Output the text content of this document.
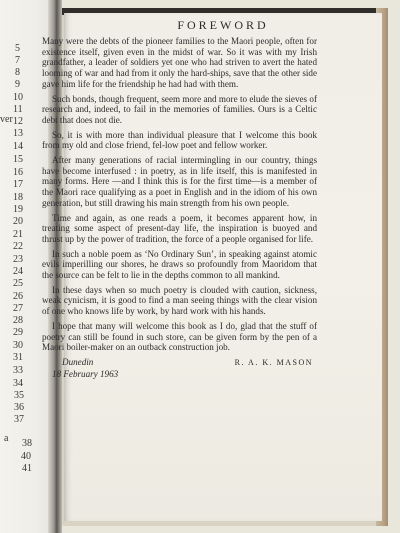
5
7
8
9
10
11
12
13
14
15
16
17
18
19
20
21
22
23
24
25
26
27
28
29
30
31
33
34
35
36
37
38
40
41
ver
a
FOREWORD

Many were the debts of the pioneer families to the Maori people, often for existence itself, given even in the midst of war. So it was with my Irish grandfather, a leader of soldiers yet one who had striven to avert the hated looming of war and had from it only the hard-ships, save that the other side gave him life for the friendship he had had with them.

Such bonds, though frequent, seem more and more to elude the sieves of research and, indeed, to fail in the memories of families. Ours is a Celtic debt that does not die.

So, it is with more than individual pleasure that I welcome this book from my old and close friend, fel-low poet and fellow worker.

After many generations of racial intermingling in our country, things have become interfused : in poetry, as in life itself, this is manifested in many forms. Here —and I think this is for the first time—is a member of the Maori race qualifying as a poet in English and in the idiom of his own generation, but still drawing his main strength from his own people.

Time and again, as one reads a poem, it becomes apparent how, in treating some aspect of present-day life, the inspiration is buoyed and thrust up by the power of tradition, the force of a people organised for life.

In such a noble poem as ‘No Ordinary Sun’, in speaking against atomic evils imperilling our shores, he draws so profoundly from Maoridom that the source can be felt to lie in the depths common to all mankind.

In these days when so much poetry is clouded with caution, sickness, weak cynicism, it is good to find a man seeing things with the clear vision of one who knows life by work, by hard work with his hands.

I hope that many will welcome this book as I do, glad that the stuff of poetry can still be found in such store, can be given form by the pen of a Maori boiler-maker on an outback construction job.

Dunedin	R. A. K. MASON
18 February 1963
